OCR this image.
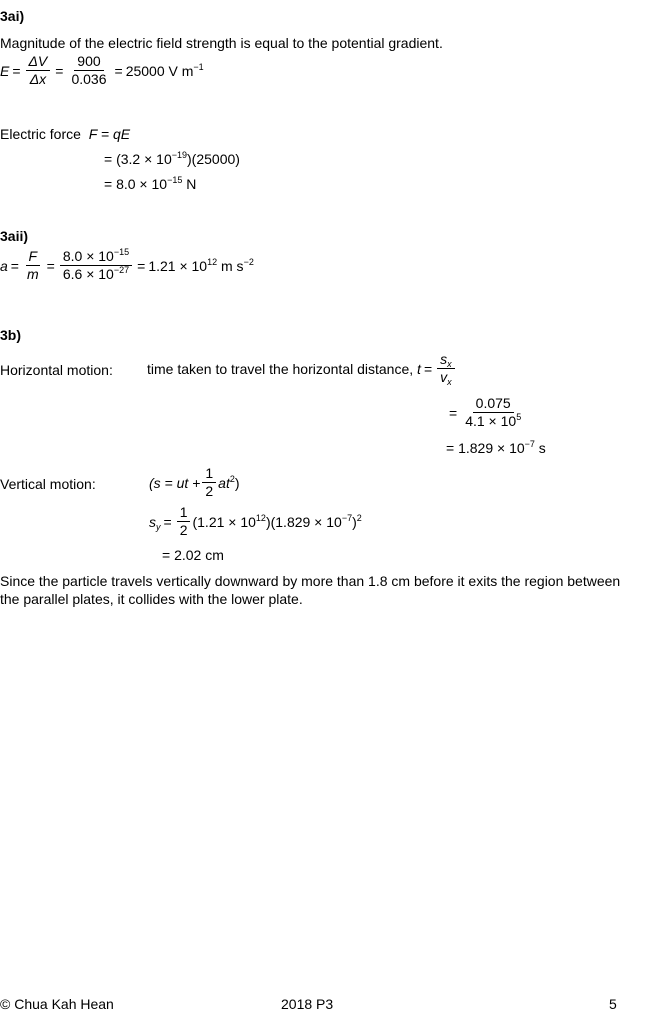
3ai)
Magnitude of the electric field strength is equal to the potential gradient.
$E = \frac{\Delta V}{\Delta x} = \frac{900}{0.036} = 25000$ V $m^{-1}$
Electric force F = qE
= $(3.2 \times 10^{-19})(25000)$
= $8.0 \times 10^{-15}$ N
3aii)
$a = \frac{F}{m} = \frac{8.0 \times 10^{-15}}{6.6 \times 10^{-27}} = 1.21 \times 10^{12}$ m $s^{-2}$
3b)
Horizontal motion: time taken to travel the horizontal distance,
$t = \frac{s_x}{v_x}$
= $\frac{0.075}{4.1 \times 10^5}$
= $1.829 \times 10^{-7}$ s
Vertical motion:	(s = ut + $\frac{1}{2} at^2$)
$s_y = \frac{1}{2} (1.21 \times 10^{12})(1.829 \times 10^{-7})^2$
= 2.02 cm
Since the particle travels vertically downward by more than 1.8 cm before it exits the region between
the parallel plates, it collides with the lower plate.
© Chua Kah Hean	2018 P3	5
